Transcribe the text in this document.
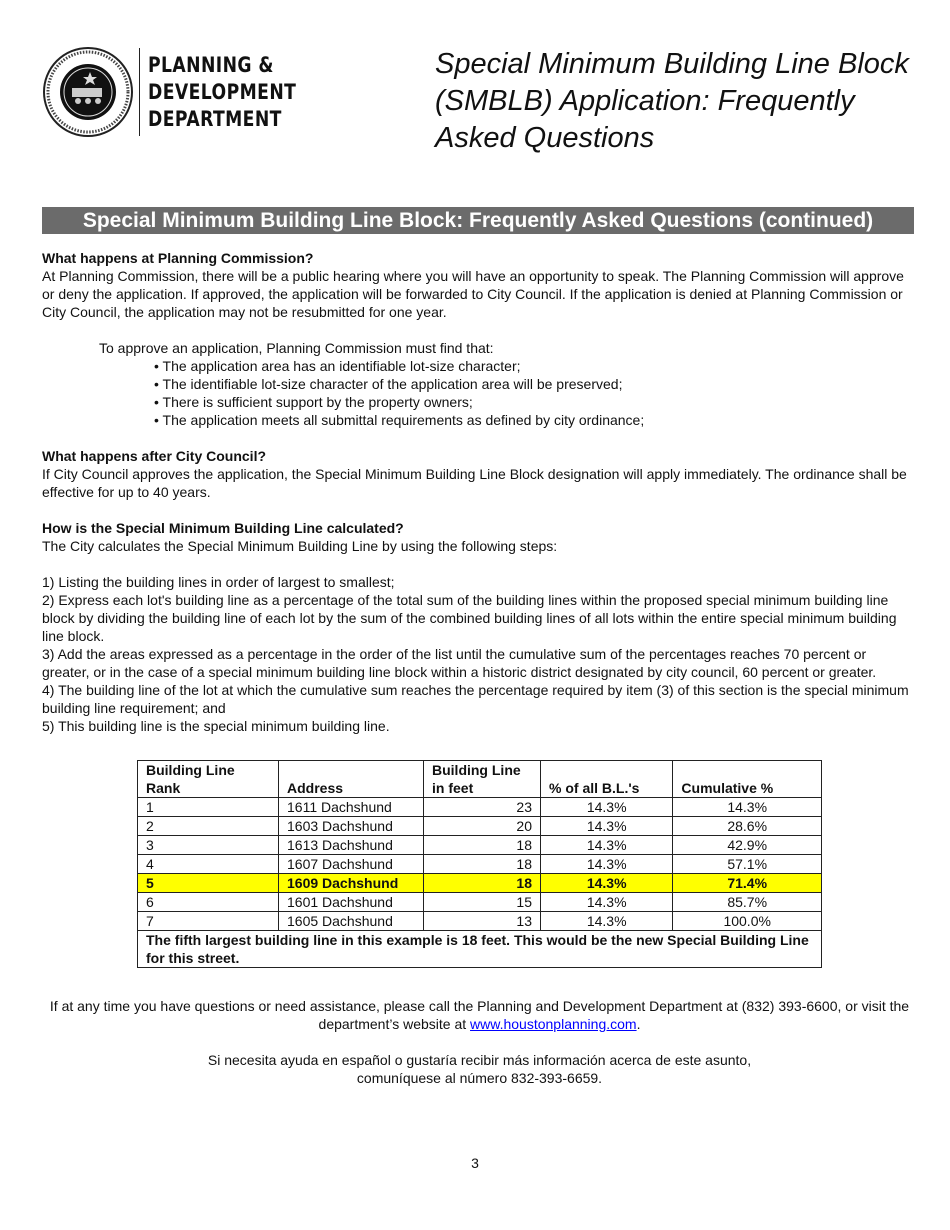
PLANNING &
DEVELOPMENT
DEPARTMENT
Special Minimum Building Line Block (SMBLB) Application: Frequently Asked Questions
Special Minimum Building Line Block: Frequently Asked Questions (continued)

What happens at Planning Commission?

At Planning Commission, there will be a public hearing where you will have an opportunity to speak. The Planning Commission will approve or deny the application. If approved, the application will be forwarded to City Council. If the application is denied at Planning Commission or City Council, the application may not be resubmitted for one year.

To approve an application, Planning Commission must find that:

• The application area has an identifiable lot-size character;

• The identifiable lot-size character of the application area will be preserved;

• There is sufficient support by the property owners;

• The application meets all submittal requirements as defined by city ordinance;

What happens after City Council?

If City Council approves the application, the Special Minimum Building Line Block designation will apply immediately. The ordinance shall be effective for up to 40 years.

How is the Special Minimum Building Line calculated?

The City calculates the Special Minimum Building Line by using the following steps:

1) Listing the building lines in order of largest to smallest;

2) Express each lot's building line as a percentage of the total sum of the building lines within the proposed special minimum building line block by dividing the building line of each lot by the sum of the combined building lines of all lots within the entire special minimum building line block.

3) Add the areas expressed as a percentage in the order of the list until the cumulative sum of the percentages reaches 70 percent or greater, or in the case of a special minimum building line block within a historic district designated by city council, 60 percent or greater.

4) The building line of the lot at which the cumulative sum reaches the percentage required by item (3) of this section is the special minimum building line requirement; and

5) This building line is the special minimum building line.

Building Line Rank	Address	Building Line in feet	% of all B.L.'s	Cumulative %
1	1611 Dachshund	23	14.3%	14.3%
2	1603 Dachshund	20	14.3%	28.6%
3	1613 Dachshund	18	14.3%	42.9%
4	1607 Dachshund	18	14.3%	57.1%
5	1609 Dachshund	18	14.3%	71.4%
6	1601 Dachshund	15	14.3%	85.7%
7	1605 Dachshund	13	14.3%	100.0%
The fifth largest building line in this example is 18 feet. This would be the new Special Building Line for this street.				

If at any time you have questions or need assistance, please call the Planning and Development Department at (832) 393-6600, or visit the department’s website at www.houstonplanning.com.

Si necesita ayuda en español o gustaría recibir más información acerca de este asunto,

comuníquese al número 832-393-6659.

3
